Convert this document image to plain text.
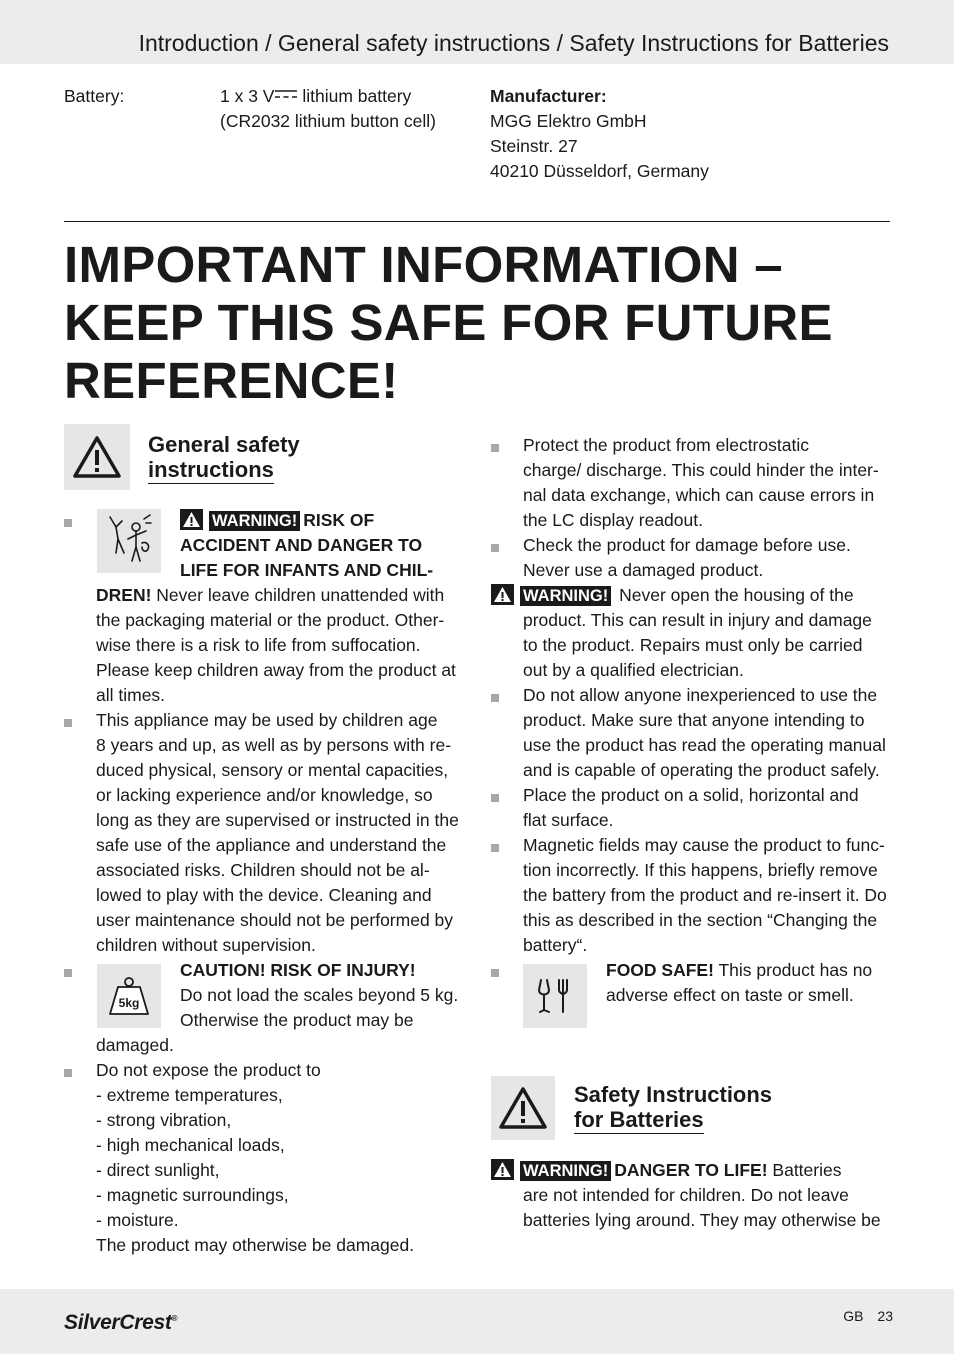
Introduction / General safety instructions / Safety Instructions for Batteries
Battery:	1 x 3 V lithium battery
(CR2032 lithium button cell)
Manufacturer:
MGG Elektro GmbH
Steinstr. 27
40210 Düsseldorf, Germany
IMPORTANT INFORMATION –
KEEP THIS SAFE FOR FUTURE
REFERENCE!
General safety
instructions
WARNING! RISK OF
ACCIDENT AND DANGER TO
LIFE FOR INFANTS AND CHIL-
DREN! Never leave children unattended with
the packaging material or the product. Other-
wise there is a risk to life from suffocation.
Please keep children away from the product at
all times.
This appliance may be used by children age
8 years and up, as well as by persons with re-
duced physical, sensory or mental capacities,
or lacking experience and/or knowledge, so
long as they are supervised or instructed in the
safe use of the appliance and understand the
associated risks. Children should not be al-
lowed to play with the device. Cleaning and
user maintenance should not be performed by
children without supervision.
5kg
CAUTION! RISK OF INJURY!
Do not load the scales beyond 5 kg.
Otherwise the product may be
damaged.
Do not expose the product to
- extreme temperatures,
- strong vibration,
- high mechanical loads,
- direct sunlight,
- magnetic surroundings,
- moisture.
The product may otherwise be damaged.
Protect the product from electrostatic
charge/ discharge. This could hinder the inter-
nal data exchange, which can cause errors in
the LC display readout.
Check the product for damage before use.
Never use a damaged product.
WARNING! Never open the housing of the
product. This can result in injury and damage
to the product. Repairs must only be carried
out by a qualified electrician.
Do not allow anyone inexperienced to use the
product. Make sure that anyone intending to
use the product has read the operating manual
and is capable of operating the product safely.
Place the product on a solid, horizontal and
flat surface.
Magnetic fields may cause the product to func-
tion incorrectly. If this happens, briefly remove
the battery from the product and re-insert it. Do
this as described in the section “Changing the
battery“.
FOOD SAFE! This product has no
adverse effect on taste or smell.
Safety Instructions
for Batteries
WARNING! DANGER TO LIFE! Batteries
are not intended for children. Do not leave
batteries lying around. They may otherwise be
SilverCrest®	GB 23
